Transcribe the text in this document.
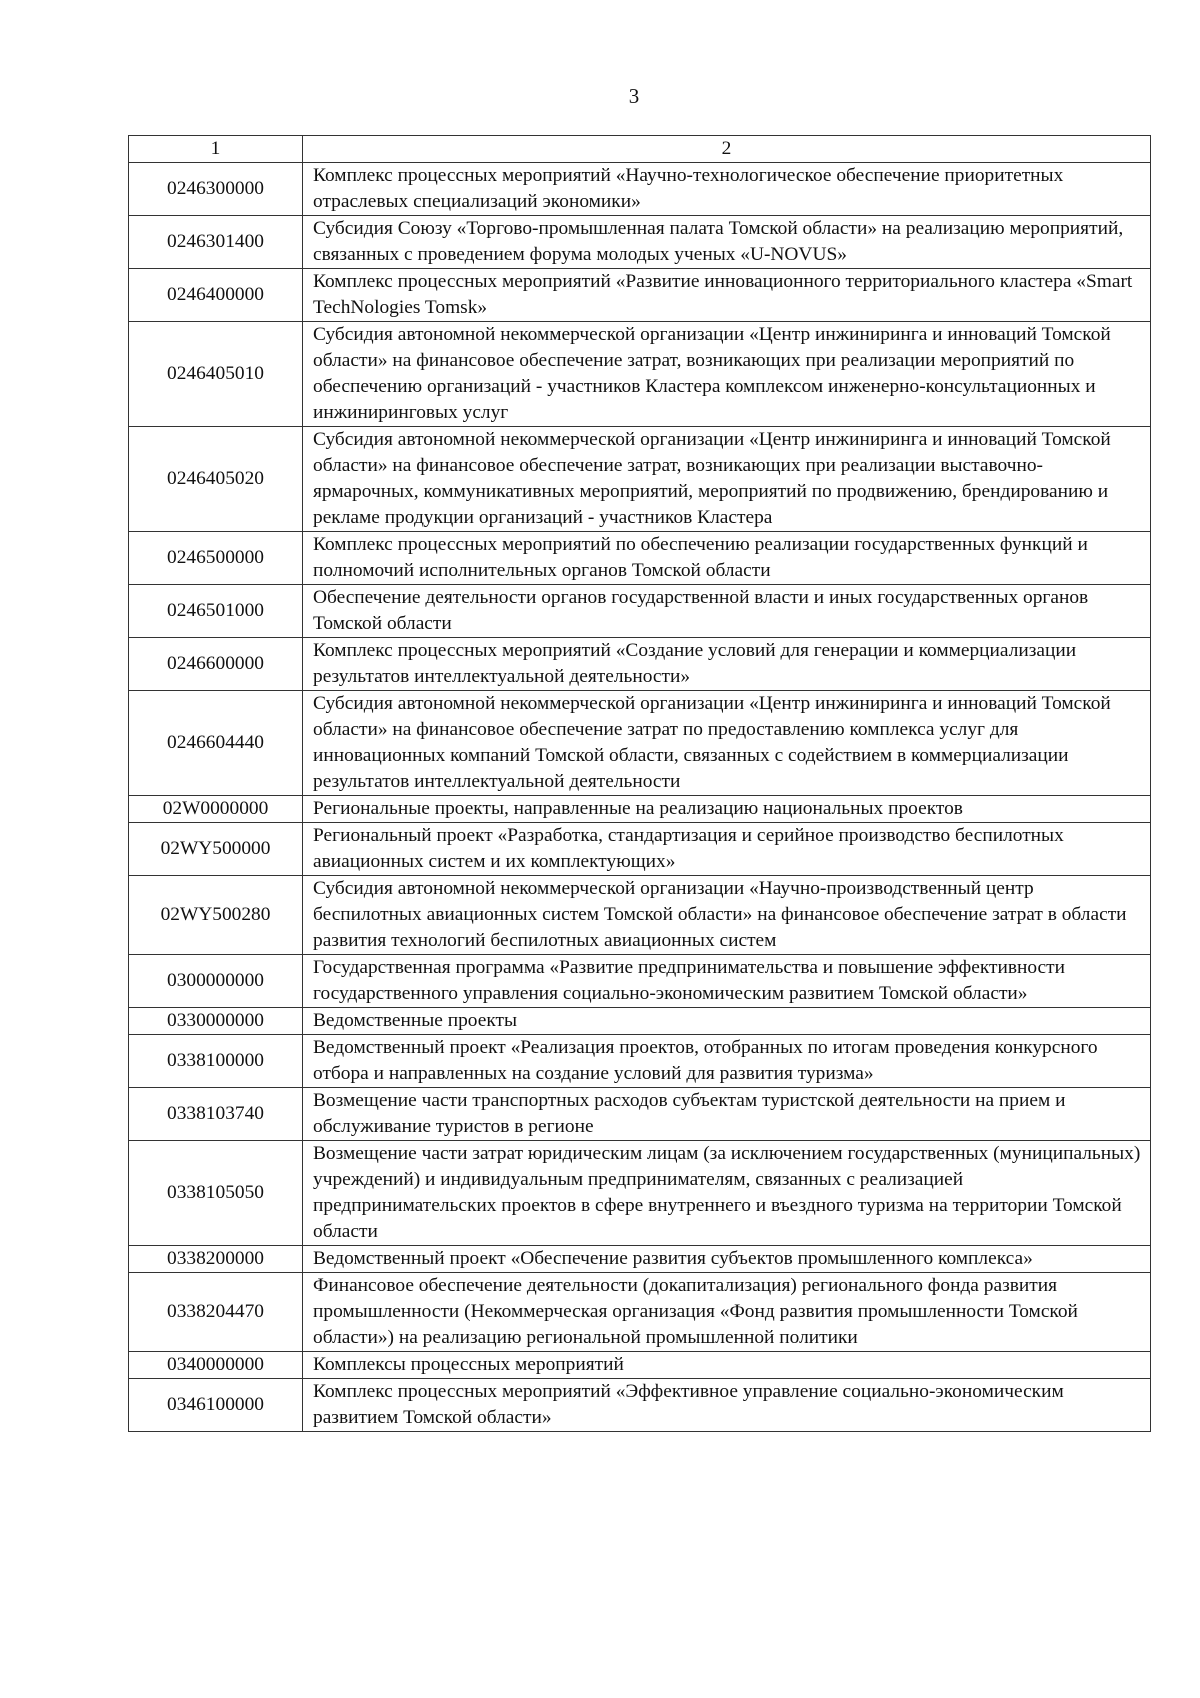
3
1	2
0246300000	Комплекс процессных мероприятий «Научно-технологическое обеспечение приоритетных отраслевых специализаций экономики»
0246301400	Субсидия Союзу «Торгово-промышленная палата Томской области» на реализацию мероприятий, связанных с проведением форума молодых ученых «U-NOVUS»
0246400000	Комплекс процессных мероприятий «Развитие инновационного территориального кластера «Smart TechNologies Tomsk»
0246405010	Субсидия автономной некоммерческой организации «Центр инжиниринга и инноваций Томской области» на финансовое обеспечение затрат, возникающих при реализации мероприятий по обеспечению организаций - участников Кластера комплексом инженерно-консультационных и инжиниринговых услуг
0246405020	Субсидия автономной некоммерческой организации «Центр инжиниринга и инноваций Томской области» на финансовое обеспечение затрат, возникающих при реализации выставочно-ярмарочных, коммуникативных мероприятий, мероприятий по продвижению, брендированию и рекламе продукции организаций - участников Кластера
0246500000	Комплекс процессных мероприятий по обеспечению реализации государственных функций и полномочий исполнительных органов Томской области
0246501000	Обеспечение деятельности органов государственной власти и иных государственных органов Томской области
0246600000	Комплекс процессных мероприятий «Создание условий для генерации и коммерциализации результатов интеллектуальной деятельности»
0246604440	Субсидия автономной некоммерческой организации «Центр инжиниринга и инноваций Томской области» на финансовое обеспечение затрат по предоставлению комплекса услуг для инновационных компаний Томской области, связанных с содействием в коммерциализации результатов интеллектуальной деятельности
02W0000000	Региональные проекты, направленные на реализацию национальных проектов
02WY500000	Региональный проект «Разработка, стандартизация и серийное производство беспилотных авиационных систем и их комплектующих»
02WY500280	Субсидия автономной некоммерческой организации «Научно-производственный центр беспилотных авиационных систем Томской области» на финансовое обеспечение затрат в области развития технологий беспилотных авиационных систем
0300000000	Государственная программа «Развитие предпринимательства и повышение эффективности государственного управления социально-экономическим развитием Томской области»
0330000000	Ведомственные проекты
0338100000	Ведомственный проект «Реализация проектов, отобранных по итогам проведения конкурсного отбора и направленных на создание условий для развития туризма»
0338103740	Возмещение части транспортных расходов субъектам туристской деятельности на прием и обслуживание туристов в регионе
0338105050	Возмещение части затрат юридическим лицам (за исключением государственных (муниципальных) учреждений) и индивидуальным предпринимателям, связанных с реализацией предпринимательских проектов в сфере внутреннего и въездного туризма на территории Томской области
0338200000	Ведомственный проект «Обеспечение развития субъектов промышленного комплекса»
0338204470	Финансовое обеспечение деятельности (докапитализация) регионального фонда развития промышленности (Некоммерческая организация «Фонд развития промышленности Томской области») на реализацию региональной промышленной политики
0340000000	Комплексы процессных мероприятий
0346100000	Комплекс процессных мероприятий «Эффективное управление социально-экономическим развитием Томской области»
